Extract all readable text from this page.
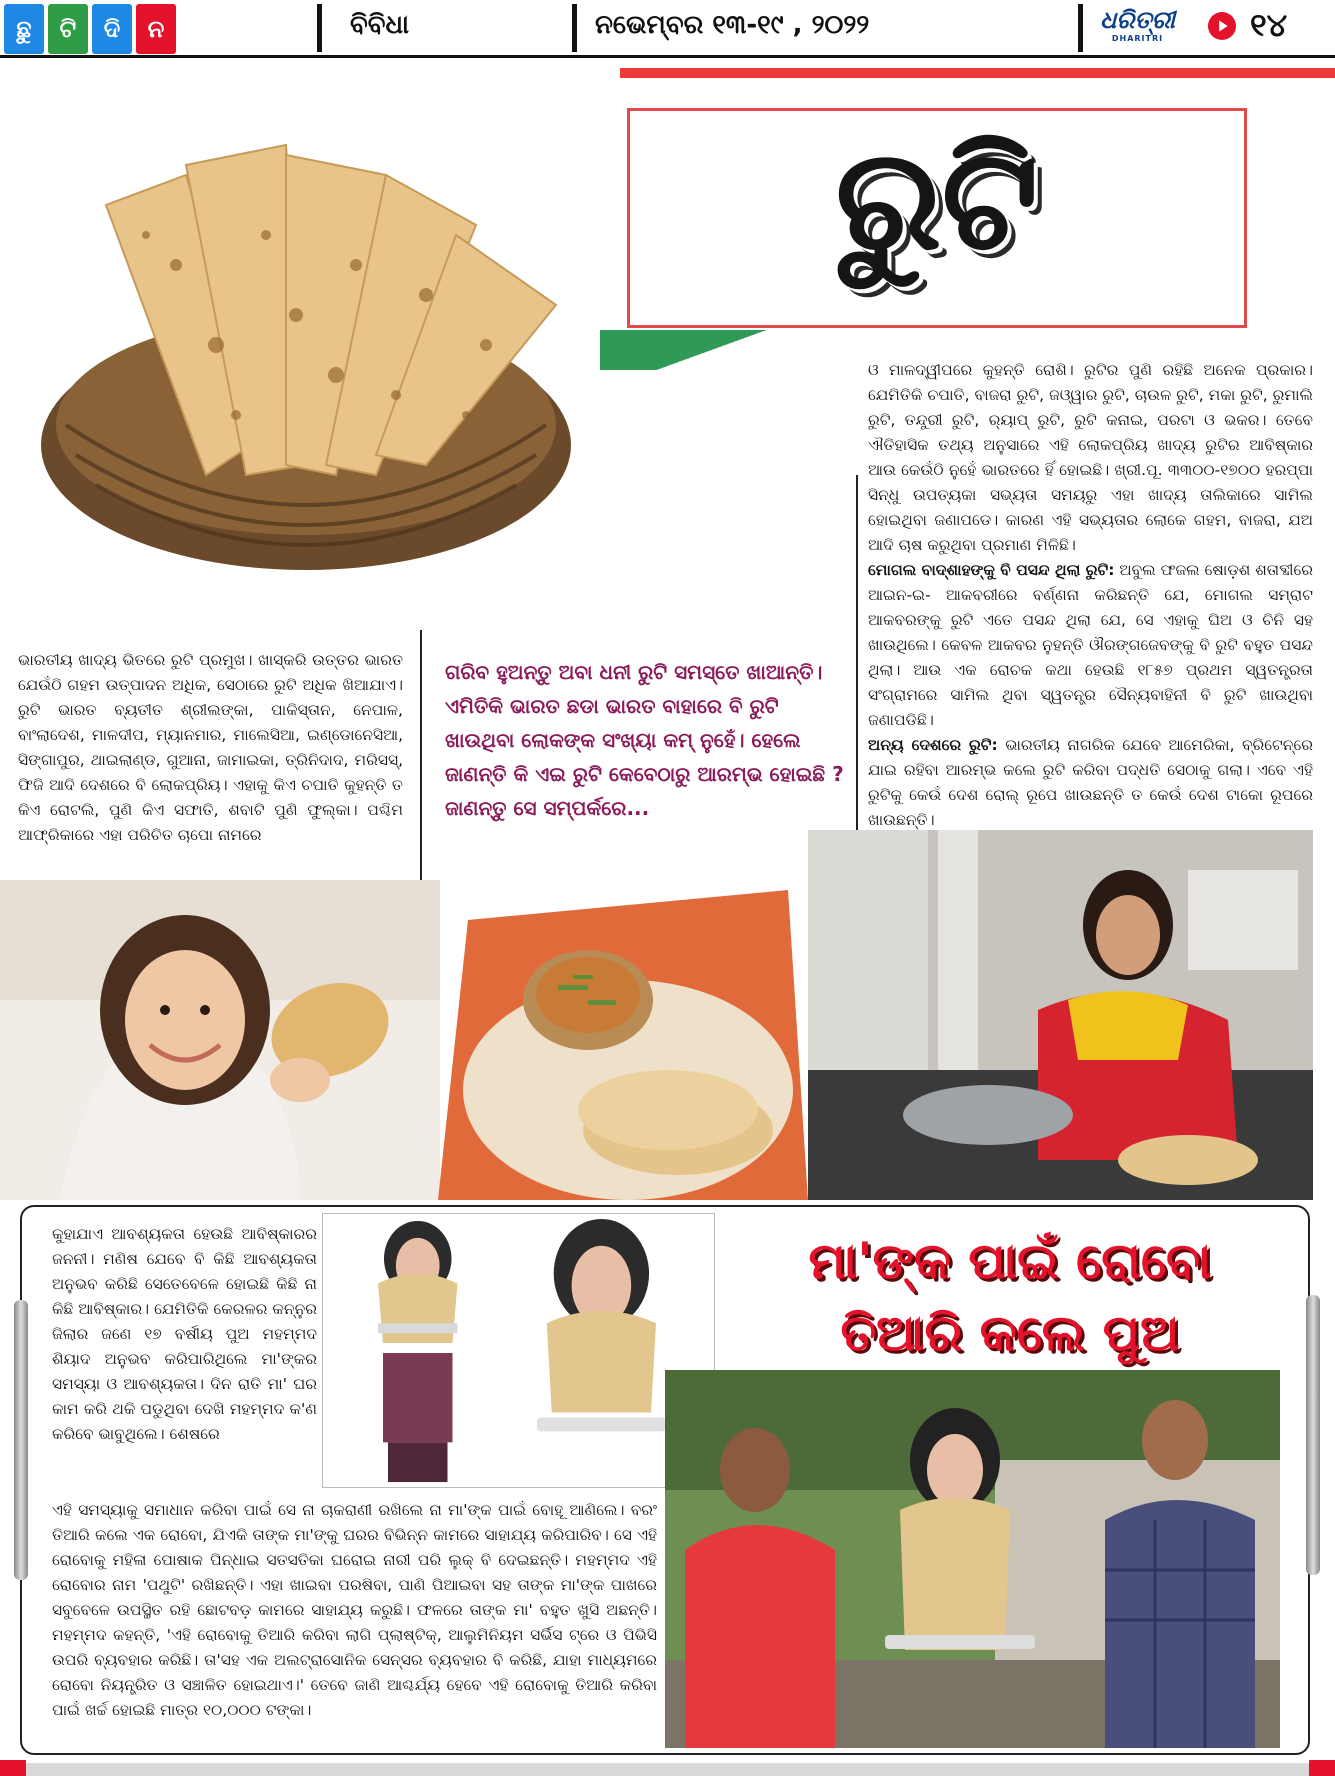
ଛୁ	ଟି	ଦି	ନ	ବିବିଧା	ନଭେମ୍ବର ୧୩-୧୯ , ୨୦୨୨	ଧରିତ୍ରୀ
DHARITRI	୧୪
ରୁଟି

ଓ ମାଳଦ୍ୱୀପରେ କୁହନ୍ତି ରୋଶି। ରୁଟିର ପୁଣି ରହିଛି ଅନେକ ପ୍ରକାର। ଯେମିତିକି ଚପାତି, ବାଜରା ରୁଟି, ଜଓ୍ୱାର ରୁଟି, ଚାଉଳ ରୁଟି, ମକା ରୁଟି, ରୁମାଲି ରୁଟି, ତନ୍ଦୁରୀ ରୁଟି, ର୍‌ୟାପ୍ ରୁଟି, ରୁଟି କନାଇ, ପରଟା ଓ ଭକର। ତେବେ ଐତିହାସିକ ତଥ୍ୟ ଅନୁସାରେ ଏହି ଲୋକପ୍ରିୟ ଖାଦ୍ୟ ରୁଟିର ଆବିଷ୍କାର ଆଉ କେଉଁଠି ନୁହେଁ ଭାରତରେ ହିଁ ହୋଇଛି। ଖ୍ରୀ.ପୂ. ୩୩୦୦-୧୭୦୦ ହରପ୍ପା ସିନ୍ଧୁ ଉପତ୍ୟକା ସଭ୍ୟତା ସମୟରୁ ଏହା ଖାଦ୍ୟ ତାଲିକାରେ ସାମିଲ ହୋଇଥିବା ଜଣାପଡେ। କାରଣ ଏହି ସଭ୍ୟତାର ଲୋକେ ଗହମ, ବାଜରା, ଯଅ ଆଦି ଚାଷ କରୁଥିବା ପ୍ରମାଣ ମିଳିଛି।

ମୋଗଲ ବାଦ୍‌ଶାହଙ୍କୁ ବି ପସନ୍ଦ ଥିଲା ରୁଟି: ଅବୁଲ ଫଜଲ ଷୋଡ଼ଶ ଶତାବ୍ଦୀରେ ଆଇନ-ଇ- ଆକବରୀରେ ବର୍ଣ୍ଣନା କରିଛନ୍ତି ଯେ, ମୋଗଲ ସମ୍ରାଟ ଆକବରଙ୍କୁ ରୁଟି ଏତେ ପସନ୍ଦ ଥିଲା ଯେ, ସେ ଏହାକୁ ଘିଅ ଓ ଚିନି ସହ ଖାଉଥିଲେ। କେବଳ ଆକବର ନୁହନ୍ତି ଔରଙ୍ଗଜେବଙ୍କୁ ବି ରୁଟି ବହୁତ ପସନ୍ଦ ଥିଲା। ଆଉ ଏକ ରୋଚକ କଥା ହେଉଛି ୧୮୫୭ ପ୍ରଥମ ସ୍ୱତନ୍ତ୍ରତା ସଂଗ୍ରାମରେ ସାମିଲ ଥିବା ସ୍ୱତନ୍ତ୍ର ସୈନ୍ୟବାହିନୀ ବି ରୁଟି ଖାଉଥିବା ଜଣାପଡିଛି।

ଅନ୍ୟ ଦେଶରେ ରୁଟି: ଭାରତୀୟ ନାଗରିକ ଯେବେ ଆମେରିକା, ବ୍ରିଟେନ୍‌ରେ ଯାଇ ରହିବା ଆରମ୍ଭ କଲେ ରୁଟି କରିବା ପଦ୍ଧତି ସେଠାକୁ ଗଲା। ଏବେ ଏହି ରୁଟିକୁ କେଉଁ ଦେଶ ରୋଲ୍ ରୂପେ ଖାଉଛନ୍ତି ତ କେଉଁ ଦେଶ ଟାକୋ ରୂପରେ ଖାଉଛନ୍ତି।

ଭାରତୀୟ ଖାଦ୍ୟ ଭିତରେ ରୁଟି ପ୍ରମୁଖ। ଖାସ୍‌କରି ଉତ୍ତର ଭାରତ ଯେଉଁଠି ଗହମ ଉତ୍ପାଦନ ଅଧିକ, ସେଠାରେ ରୁଟି ଅଧିକ ଖିଆଯାଏ। ରୁଟି ଭାରତ ବ୍ୟତୀତ ଶ୍ରୀଲଙ୍କା, ପାକିସ୍ତାନ, ନେପାଳ, ବାଂଲାଦେଶ, ମାଳଦୀପ, ମ୍ୟାନମାର, ମାଲେସିଆ, ଇଣ୍ଡୋନେସିଆ, ସିଙ୍ଗାପୁର, ଥାଇଲାଣ୍ଡ, ଗୁଆନା, ଜାମାଇକା, ତ୍ରିନିଦାଦ, ମରିସସ୍, ଫିଜି ଆଦି ଦେଶରେ ବି ଲୋକପ୍ରିୟ। ଏହାକୁ କିଏ ଚପାତି କୁହନ୍ତି ତ କିଏ ରୋଟଲି, ପୁଣି କିଏ ସଫାତି, ଶବାଟି ପୁଣି ଫୁଲ୍‌କା। ପଶ୍ଚିମ ଆଫ୍ରିକାରେ ଏହା ପରିଚିତ ଚାପୋ ନାମରେ

ଗରିବ ହୁଅନ୍ତୁ ଅବା ଧନୀ ରୁଟି ସମସ୍ତେ ଖାଆନ୍ତି। ଏମିତିକି ଭାରତ ଛଡା ଭାରତ ବାହାରେ ବି ରୁଟି ଖାଉଥିବା ଲୋକଙ୍କ ସଂଖ୍ୟା କମ୍ ନୁହେଁ। ହେଲେ ଜାଣନ୍ତି କି ଏଇ ରୁଟି କେବେଠାରୁ ଆରମ୍ଭ ହୋଇଛି ? ଜାଣନ୍ତୁ ସେ ସମ୍ପର୍କରେ...

କୁହାଯାଏ ଆବଶ୍ୟକତା ହେଉଛି ଆବିଷ୍କାରର ଜନନୀ। ମଣିଷ ଯେବେ ବି କିଛି ଆବଶ୍ୟକତା ଅନୁଭବ କରିଛି ସେତେବେଳେ ହୋଇଛି କିଛି ନା କିଛି ଆବିଷ୍କାର। ଯେମିତିକି କେରଳର କନ୍ନୁର ଜିଲାର ଜଣେ ୧୭ ବର୍ଷୀୟ ପୁଅ ମହମ୍ମଦ ଶିୟାଦ ଅନୁଭବ କରିପାରିଥିଲେ ମା'ଙ୍କର ସମସ୍ୟା ଓ ଆବଶ୍ୟକତା। ଦିନ ରାତି ମା' ଘର କାମ କରି ଥକି ପଡୁଥିବା ଦେଖି ମହମ୍ମଦ କ'ଣ କରିବେ ଭାବୁଥିଲେ। ଶେଷରେ

ମା'ଙ୍କ ପାଇଁ ରୋବୋ
ତିଆରି କଲେ ପୁଅ

ଏହି ସମସ୍ୟାକୁ ସମାଧାନ କରିବା ପାଇଁ ସେ ନା ଚାକରାଣୀ ରଖିଲେ ନା ମା'ଙ୍କ ପାଇଁ ବୋହୂ ଆଣିଲେ। ବରଂ ତିଆରି କଲେ ଏକ ରୋବୋ, ଯିଏକି ତାଙ୍କ ମା'ଙ୍କୁ ଘରର ବିଭିନ୍ନ କାମରେ ସାହାଯ୍ୟ କରିପାରିବ। ସେ ଏହି ରୋବୋକୁ ମହିଳା ପୋଷାକ ପିନ୍ଧାଇ ସତସତିକା ଘରୋଇ ନାରୀ ପରି ଲୁକ୍ ବି ଦେଇଛନ୍ତି। ମହମ୍ମଦ ଏହି ରୋବୋର ନାମ 'ପଥୁଟି' ରଖିଛନ୍ତି। ଏହା ଖାଇବା ପରଷିବା, ପାଣି ପିଆଇବା ସହ ତାଙ୍କ ମା'ଙ୍କ ପାଖରେ ସବୁବେଳେ ଉପସ୍ଥିତ ରହି ଛୋଟବଡ଼ କାମରେ ସାହାଯ୍ୟ କରୁଛି। ଫଳରେ ତାଙ୍କ ମା' ବହୁତ ଖୁସି ଅଛନ୍ତି। ମହମ୍ମଦ କହନ୍ତି, 'ଏହି ରୋବୋକୁ ତିଆରି କରିବା ଲାଗି ପ୍ଲାଷ୍ଟିକ୍, ଆଲୁମିନିୟମ ସର୍ଭିସ ଟ୍ରେ ଓ ପିଭିସି ଉପରି ବ୍ୟବହାର କରିଛି। ତା'ସହ ଏକ ଅଲଟ୍ରାସୋନିକ ସେନ୍ସର ବ୍ୟବହାର ବି କରିଛି, ଯାହା ମାଧ୍ୟମରେ ରୋବୋ ନିୟନ୍ତ୍ରିତ ଓ ସଞ୍ଚାଳିତ ହୋଇଥାଏ।' ତେବେ ଜାଣି ଆଶ୍ଚର୍ଯ୍ୟ ହେବେ ଏହି ରୋବୋକୁ ତିଆରି କରିବା ପାଇଁ ଖର୍ଚ୍ଚ ହୋଇଛି ମାତ୍ର ୧୦,୦୦୦ ଟଙ୍କା।
